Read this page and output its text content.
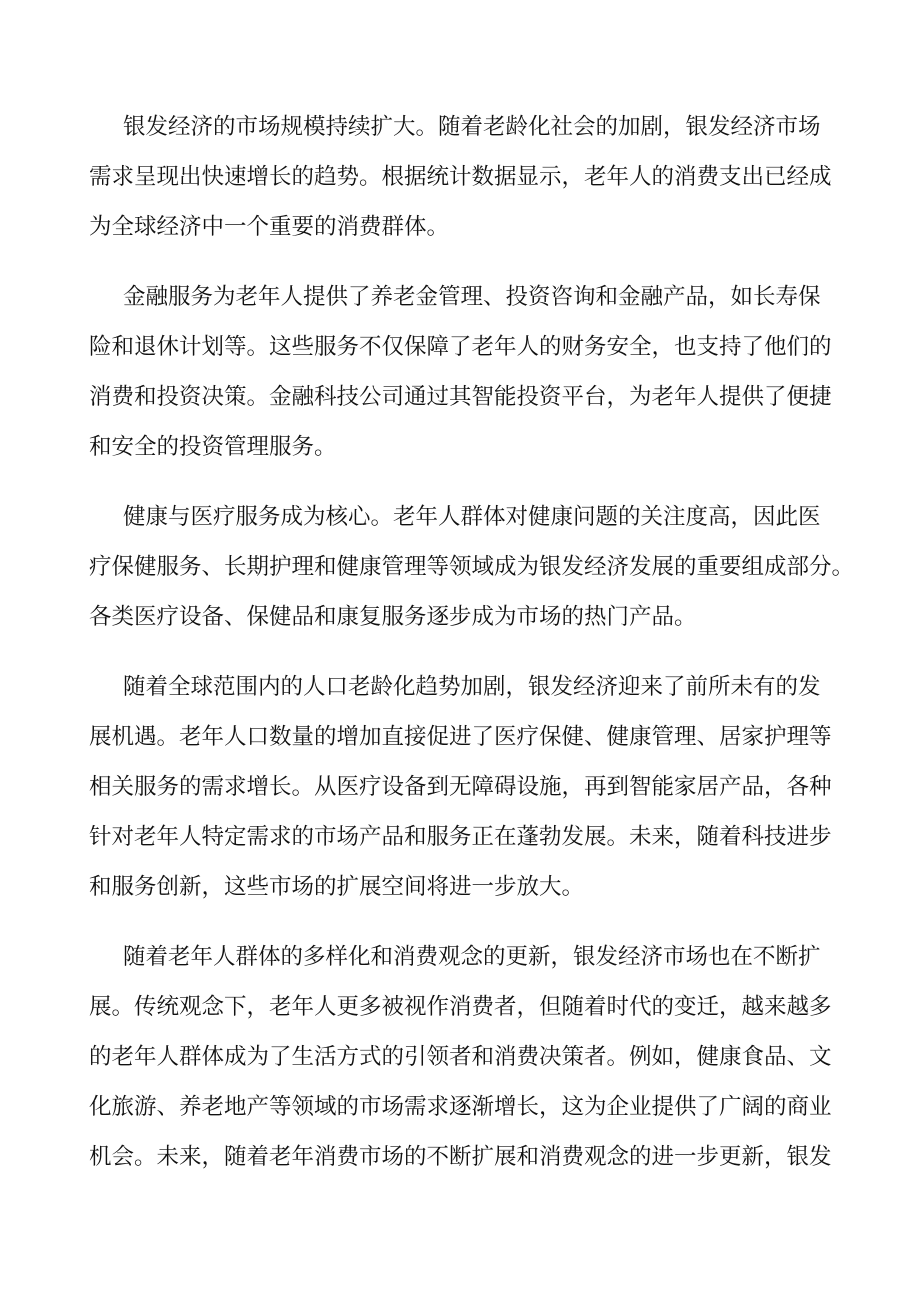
银发经济的市场规模持续扩大。随着老龄化社会的加剧，银发经济市场
需求呈现出快速增长的趋势。根据统计数据显示，老年人的消费支出已经成
为全球经济中一个重要的消费群体。
金融服务为老年人提供了养老金管理、投资咨询和金融产品，如长寿保
险和退休计划等。这些服务不仅保障了老年人的财务安全，也支持了他们的
消费和投资决策。金融科技公司通过其智能投资平台，为老年人提供了便捷
和安全的投资管理服务。
健康与医疗服务成为核心。老年人群体对健康问题的关注度高，因此医
疗保健服务、长期护理和健康管理等领域成为银发经济发展的重要组成部分。
各类医疗设备、保健品和康复服务逐步成为市场的热门产品。
随着全球范围内的人口老龄化趋势加剧，银发经济迎来了前所未有的发
展机遇。老年人口数量的增加直接促进了医疗保健、健康管理、居家护理等
相关服务的需求增长。从医疗设备到无障碍设施，再到智能家居产品，各种
针对老年人特定需求的市场产品和服务正在蓬勃发展。未来，随着科技进步
和服务创新，这些市场的扩展空间将进一步放大。
随着老年人群体的多样化和消费观念的更新，银发经济市场也在不断扩
展。传统观念下，老年人更多被视作消费者，但随着时代的变迁，越来越多
的老年人群体成为了生活方式的引领者和消费决策者。例如，健康食品、文
化旅游、养老地产等领域的市场需求逐渐增长，这为企业提供了广阔的商业
机会。未来，随着老年消费市场的不断扩展和消费观念的进一步更新，银发
